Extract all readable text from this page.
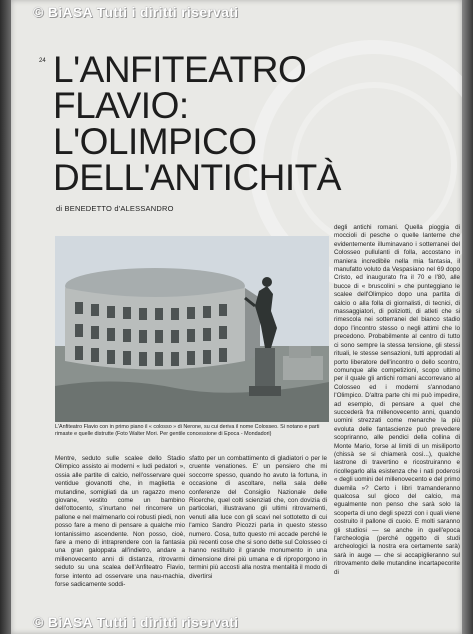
© BiASA Tutti i diritti riservati
24 L'ANFITEATRO
FLAVIO:
L'OLIMPICO
DELL'ANTICHITÀ
di BENEDETTO d'ALESSANDRO
L'Anfiteatro Flavio con in primo piano il « colosso » di Nerone, su cui deriva il nome Colosseo. Si notano e parti rimaste e quelle distrutte (Foto Walter Mori. Per gentile concessione di Epoca - Mondadori)

Mentre, seduto sulle scalee dello Stadio Olimpico assisto ai moderni « ludi pedatori », ossia alle partite di calcio, nell'osservare quei ventidue giovanotti che, in maglietta e mutandine, somigliati da un ragazzo meno giovane, vestito come un bambino dell'ottocento, s'inurtano nel rincorrere un pallone e nel malmenarlo coi robusti piedi, non posso fare a meno di pensare a qualche mio lontanissimo ascendente. Non posso, cioè, fare a meno di intraprendere con la fantasia una gran galoppata all'indietro, andare a millenovecento anni di distanza, ritrovarmi seduto su una scalea dell'Anfiteatro Flavio, forse intento ad osservare una nau-machia, forse sadicamente soddi-

sfatto per un combattimento di gladiatori o per le cruente venationes. E' un pensiero che mi soccorre spesso, quando ho avuto la fortuna, in occasione di ascoltare, nella sala delle conferenze del Consiglio Nazionale delle Ricerche, quel colti scienziati che, con dovizia di particolari, illustravano gli ultimi ritrovamenti, venuti alla luce con gli scavi nel sottotetto di cui l'amico Sandro Picozzi parla in questo stesso numero. Cosa, tutto questo mi accade perché le più recenti cose che si sono dette sul Colosseo ci hanno restituito il grande monumento in una dimensione direi più umana e di riproporgono in termini più accosti alla nostra mentalità il modo di divertirsi

degli antichi romani. Quella pioggia di moccioli di pesche o quelle lanterne che evidentemente illuminavano i sotterranei del Colosseo pullulanti di folla, accostano in maniera incredibile nella mia fantasia, il manufatto voluto da Vespasiano nel 69 dopo Cristo, ed inaugurato fra il 70 e l'80, alle bucce di « bruscolini » che punteggiano le scalee dell'Olimpico dopo una partita di calcio o alla folla di giornalisti, di tecnici, di massaggiatori, di poliziotti, di atleti che si rimescola nei sotterranei del bianco stadio dopo l'incontro stesso o negli attimi che lo precedono. Probabilmente al centro di tutto ci sono sempre la stessa tensione, gli stessi rituali, le stesse sensazioni, tutti approdati al porto liberatore dell'incontro o dello scontro, comunque alle competizioni, scopo ultimo per il quale gli antichi romani accorrevano al Colosseo ed i moderni s'annodano l'Olimpico. D'altra parte chi mi può impedire, ad esempio, di pensare a quel che succederà fra millenovecento anni, quando uomini strezzati come menarche la più evoluta delle fantascienze può prevedere scopriranno, alle pendici della collina di Monte Mario, forse al limiti di un misiliporto (chissà se si chiamerà così...), qualche lastrone di travertino e ricostruiranno e ricollegarlo alla esistenza che i nati poderosi « degli uomini del millenovecento e del primo duemila »? Certo i libri tramanderanno qualcosa sul gioco del calcio, ma egualmente non penso che sarà solo la scoperta di uno degli spezzi con i quali viene costruito il pallone di cuoio. E molti saranno gli studiosi — se anche in quell'epoca l'archeologia (perché oggetto di studi archeologici la nostra era certamente sarà) sarà in auge — che si accapiglieranno sul ritrovamento delle mutandine incartapecorite di

© BiASA Tutti i diritti riservati
